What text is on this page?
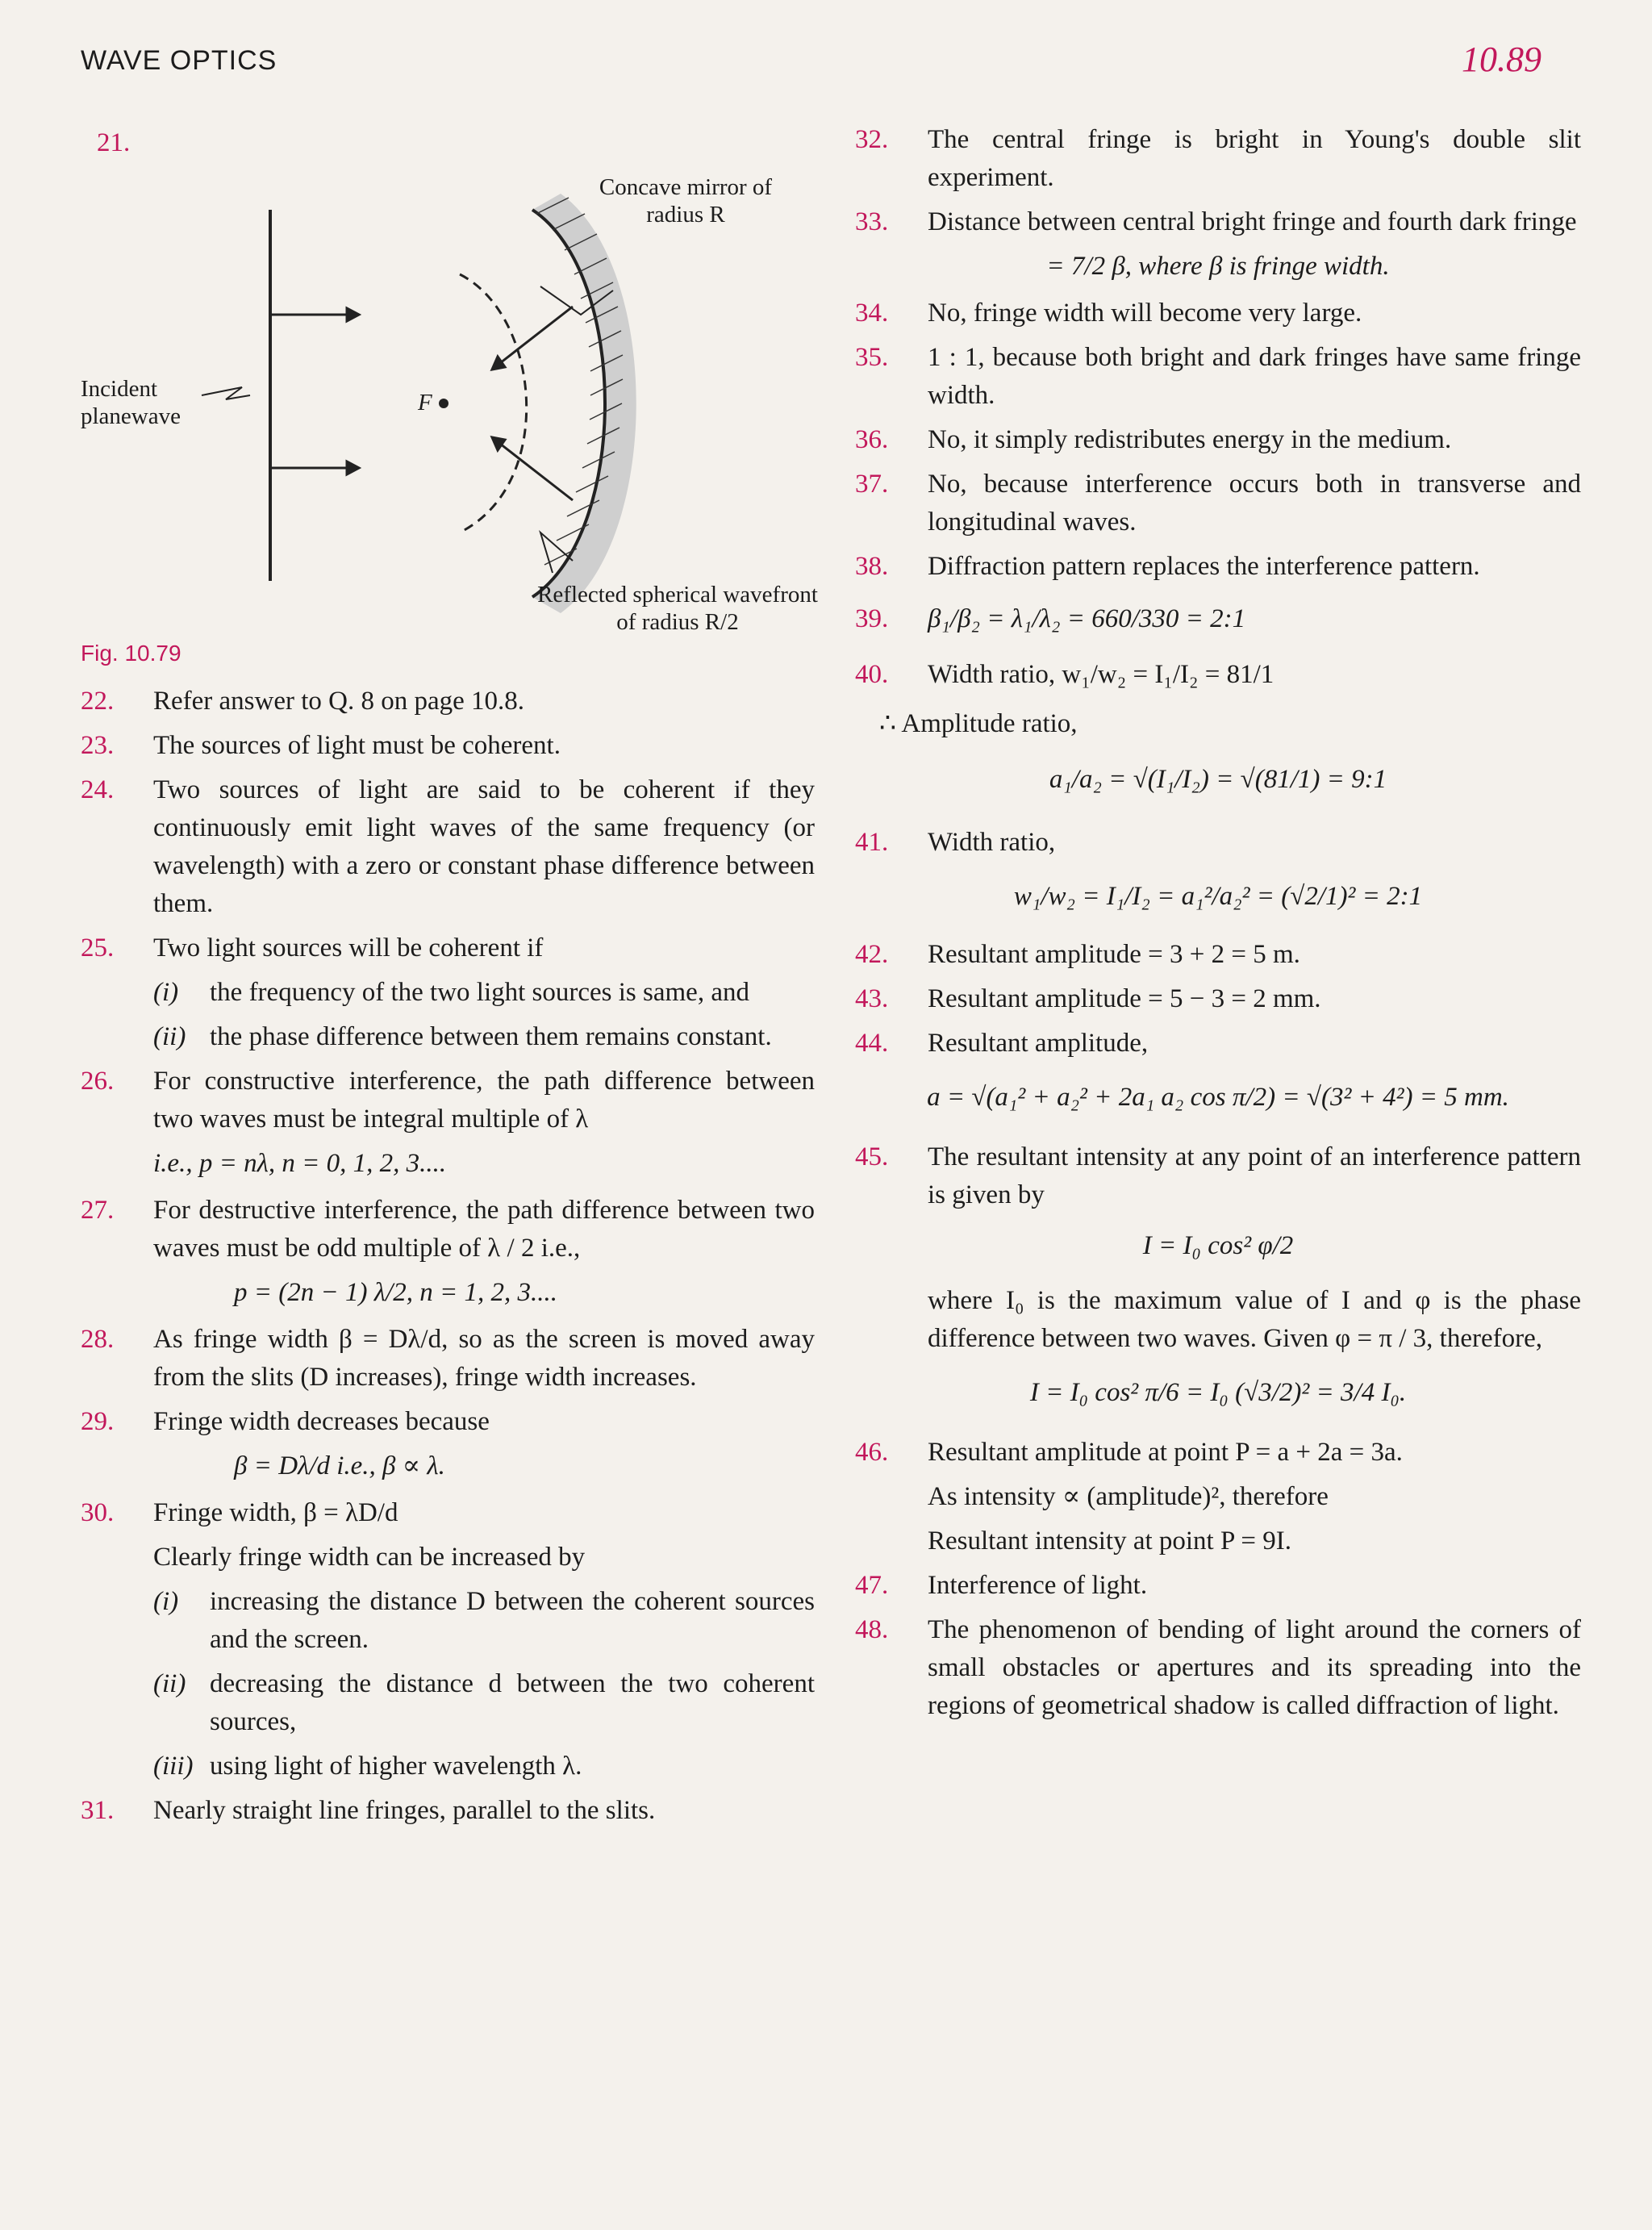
WAVE OPTICS	10.89
21.
Concave mirror of radius R
Incident planewave
F
Reflected spherical wavefront of radius R/2
Fig. 10.79
22.	Refer answer to Q. 8 on page 10.8.
23.	The sources of light must be coherent.
24.	Two sources of light are said to be coherent if they continuously emit light waves of the same frequency (or wavelength) with a zero or constant phase difference between them.
25.	Two light sources will be coherent if
(i)	the frequency of the two light sources is same, and
(ii) the phase difference between them remains constant.
26.	For constructive interference, the path difference between two waves must be integral multiple of λ
i.e., p = nλ, n = 0, 1, 2, 3....
27.	For destructive interference, the path difference between two waves must be odd multiple of λ / 2 i.e.,
p = (2n − 1) λ/2, n = 1, 2, 3....
28.	As fringe width β = Dλ/d, so as the screen is moved away from the slits (D increases), fringe width increases.
29.	Fringe width decreases because
β = Dλ/d i.e., β ∝ λ.
30.	Fringe width, β = λD/d
Clearly fringe width can be increased by
(i)	increasing the distance D between the coherent sources and the screen.
(ii) decreasing the distance d between the two coherent sources,
(iii) using light of higher wavelength λ.
31.	Nearly straight line fringes, parallel to the slits.
32.	The central fringe is bright in Young's double slit experiment.
33.	Distance between central bright fringe and fourth dark fringe
= 7/2 β, where β is fringe width.
34.	No, fringe width will become very large.
35.	1 : 1, because both bright and dark fringes have same fringe width.
36.	No, it simply redistributes energy in the medium.
37.	No, because interference occurs both in transverse and longitudinal waves.
38.	Diffraction pattern replaces the interference pattern.
39.	β₁/β₂ = λ₁/λ₂ = 660/330 = 2:1
40.	Width ratio, w₁/w₂ = I₁/I₂ = 81/1
∴ Amplitude ratio,
a₁/a₂ = √(I₁/I₂) = √(81/1) = 9:1
41.	Width ratio,
w₁/w₂ = I₁/I₂ = a₁²/a₂² = (√2/1)² = 2:1
42.	Resultant amplitude = 3 + 2 = 5 m.
43.	Resultant amplitude = 5 − 3 = 2 mm.
44.	Resultant amplitude,
a = √(a₁² + a₂² + 2a₁ a₂ cos π/2) = √(3² + 4²) = 5 mm.
45.	The resultant intensity at any point of an interference pattern is given by
I = I₀ cos² φ/2
where I₀ is the maximum value of I and φ is the phase difference between two waves. Given φ = π / 3, therefore,
I = I₀ cos² π/6 = I₀ (√3/2)² = 3/4 I₀.
46.	Resultant amplitude at point P = a + 2a = 3a.
As intensity ∝ (amplitude)², therefore
Resultant intensity at point P = 9I.
47.	Interference of light.
48.	The phenomenon of bending of light around the corners of small obstacles or apertures and its spreading into the regions of geometrical shadow is called diffraction of light.
